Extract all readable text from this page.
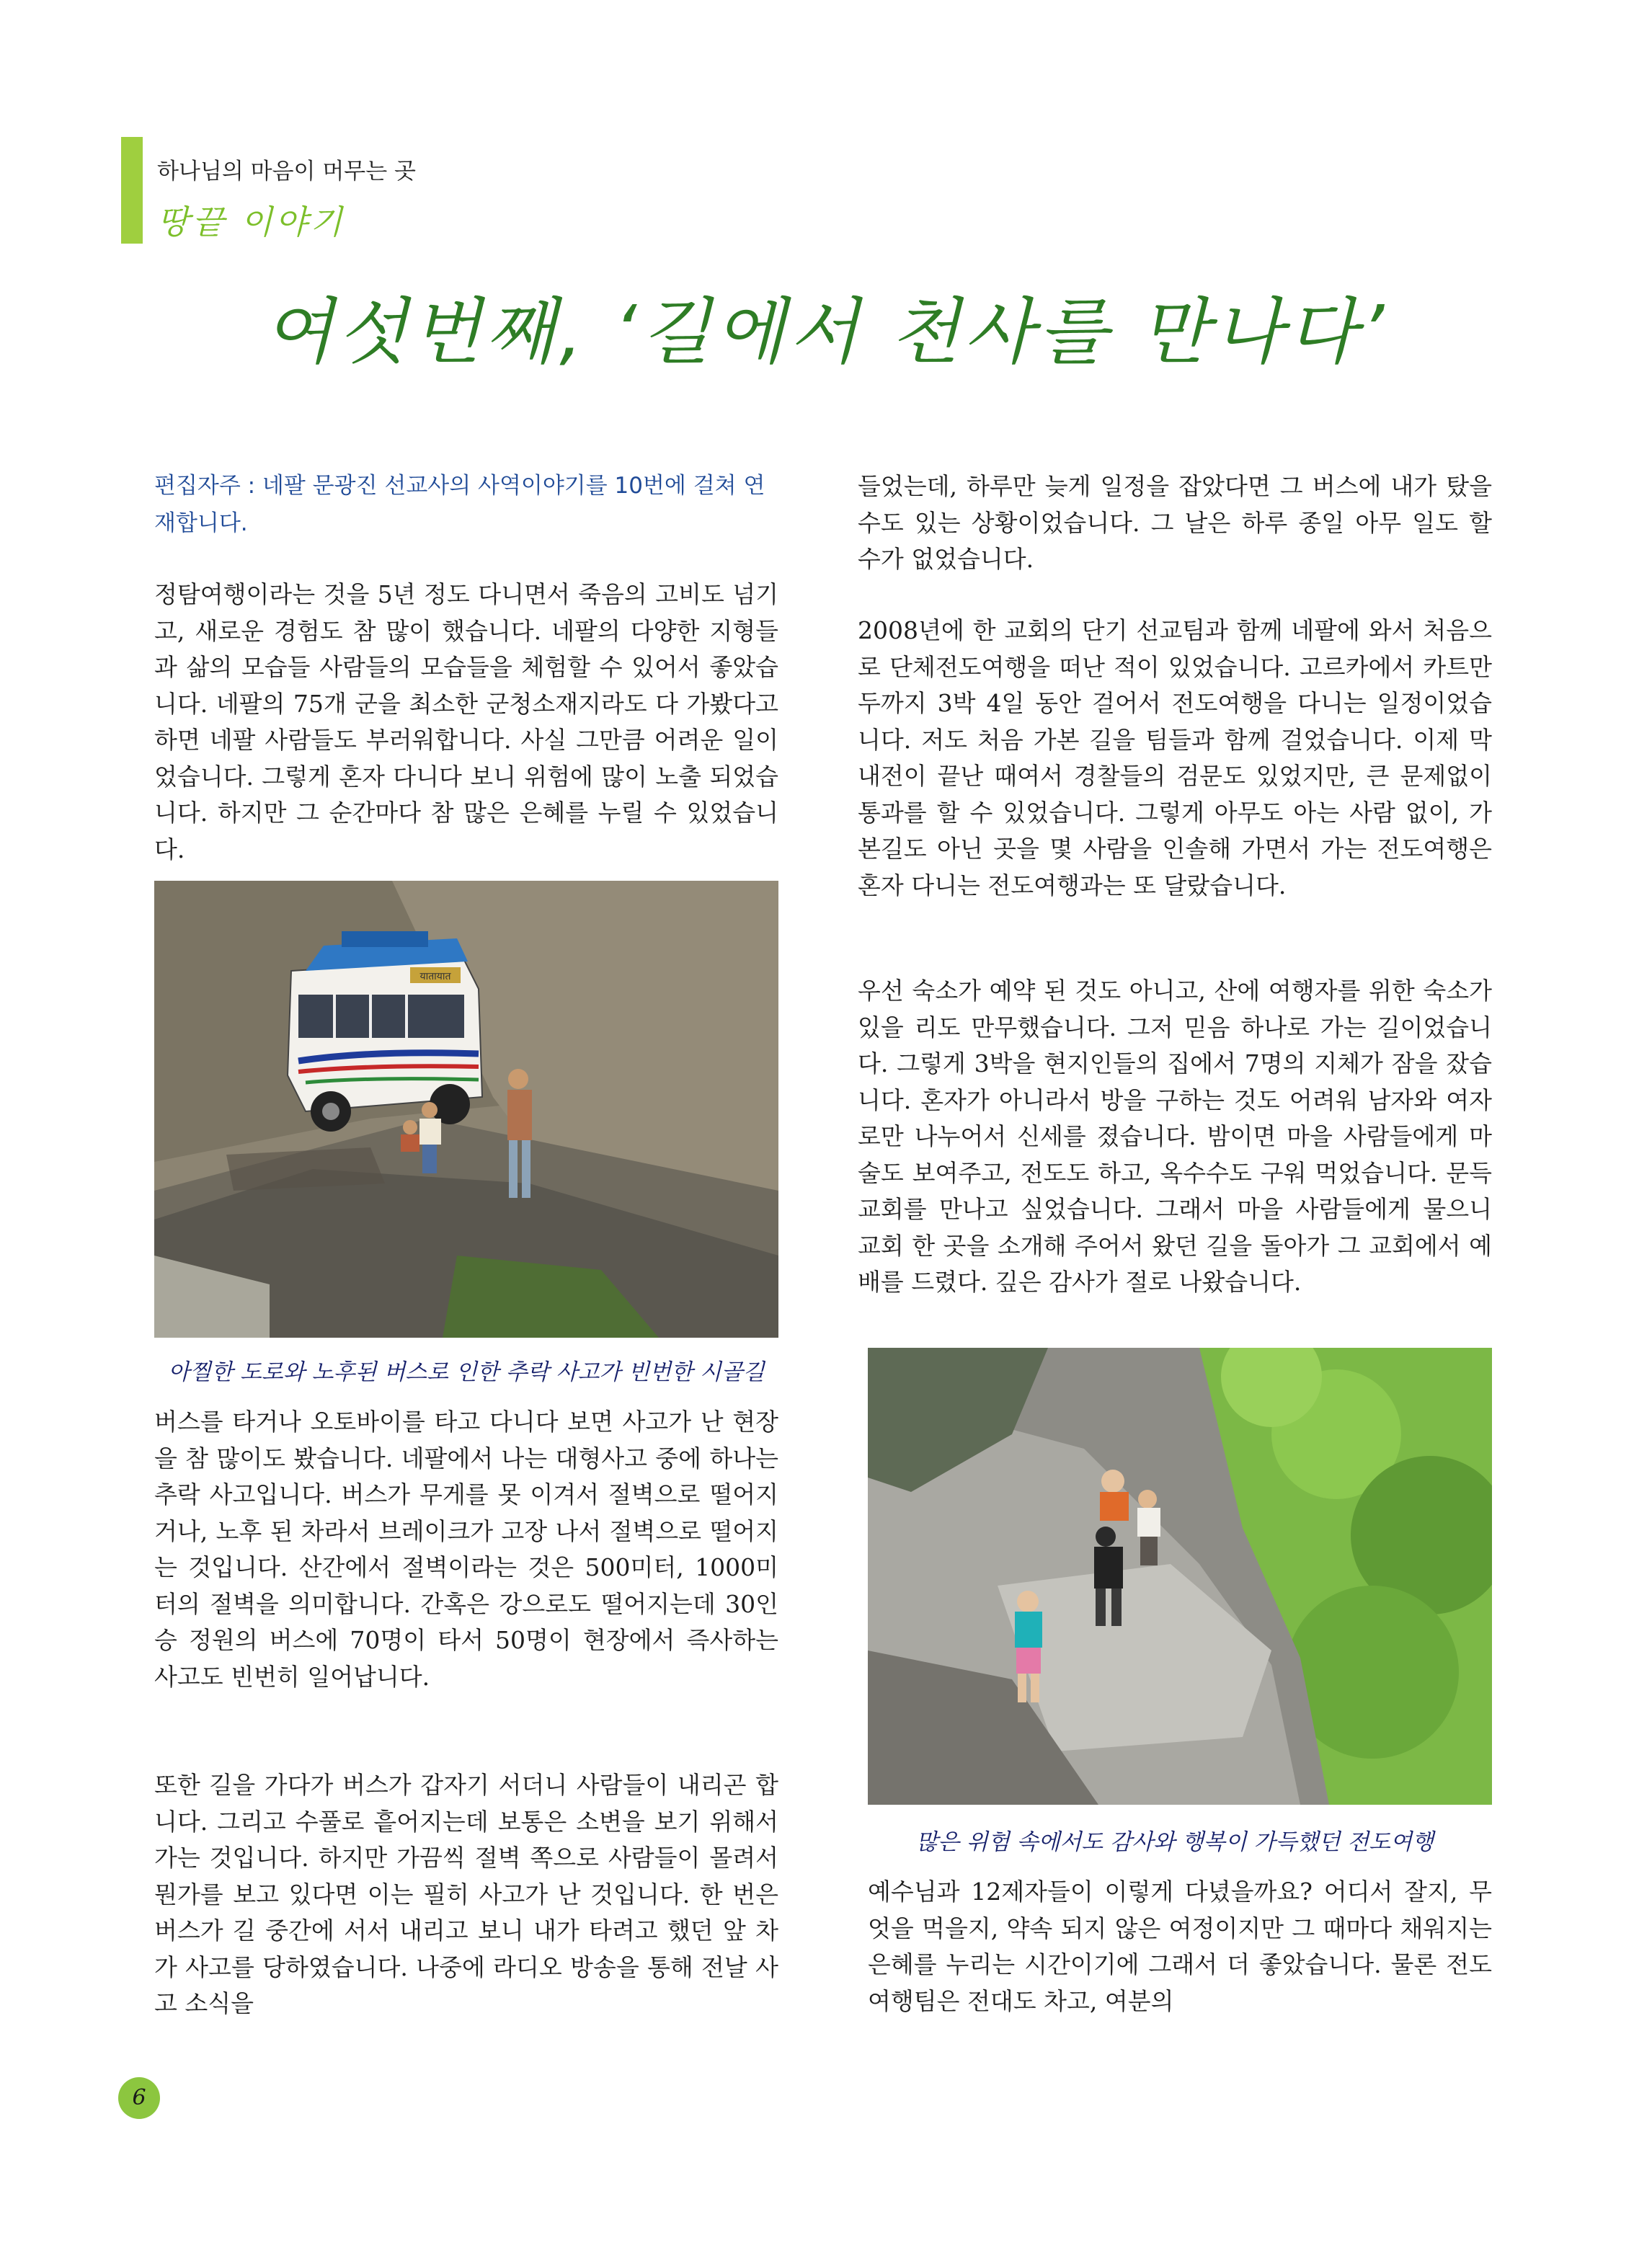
하나님의 마음이 머무는 곳
땅끝 이야기
여섯번째, ‘길에서 천사를 만나다’

편집자주 : 네팔 문광진 선교사의 사역이야기를 10번에 걸쳐 연재합니다.

정탐여행이라는 것을 5년 정도 다니면서 죽음의 고비도 넘기고, 새로운 경험도 참 많이 했습니다. 네팔의 다양한 지형들과 삶의 모습들 사람들의 모습들을 체험할 수 있어서 좋았습니다. 네팔의 75개 군을 최소한 군청소재지라도 다 가봤다고 하면 네팔 사람들도 부러워합니다. 사실 그만큼 어려운 일이었습니다. 그렇게 혼자 다니다 보니 위험에 많이 노출 되었습니다. 하지만 그 순간마다 참 많은 은혜를 누릴 수 있었습니다.

यातायात
아찔한 도로와 노후된 버스로 인한 추락 사고가 빈번한 시골길

버스를 타거나 오토바이를 타고 다니다 보면 사고가 난 현장을 참 많이도 봤습니다. 네팔에서 나는 대형사고 중에 하나는 추락 사고입니다. 버스가 무게를 못 이겨서 절벽으로 떨어지거나, 노후 된 차라서 브레이크가 고장 나서 절벽으로 떨어지는 것입니다. 산간에서 절벽이라는 것은 500미터, 1000미터의 절벽을 의미합니다. 간혹은 강으로도 떨어지는데 30인승 정원의 버스에 70명이 타서 50명이 현장에서 즉사하는 사고도 빈번히 일어납니다.

또한 길을 가다가 버스가 갑자기 서더니 사람들이 내리곤 합니다. 그리고 수풀로 흩어지는데 보통은 소변을 보기 위해서 가는 것입니다. 하지만 가끔씩 절벽 쪽으로 사람들이 몰려서 뭔가를 보고 있다면 이는 필히 사고가 난 것입니다. 한 번은 버스가 길 중간에 서서 내리고 보니 내가 타려고 했던 앞 차가 사고를 당하였습니다. 나중에 라디오 방송을 통해 전날 사고 소식을

들었는데, 하루만 늦게 일정을 잡았다면 그 버스에 내가 탔을 수도 있는 상황이었습니다. 그 날은 하루 종일 아무 일도 할 수가 없었습니다.

2008년에 한 교회의 단기 선교팀과 함께 네팔에 와서 처음으로 단체전도여행을 떠난 적이 있었습니다. 고르카에서 카트만두까지 3박 4일 동안 걸어서 전도여행을 다니는 일정이었습니다. 저도 처음 가본 길을 팀들과 함께 걸었습니다. 이제 막 내전이 끝난 때여서 경찰들의 검문도 있었지만, 큰 문제없이 통과를 할 수 있었습니다. 그렇게 아무도 아는 사람 없이, 가 본길도 아닌 곳을 몇 사람을 인솔해 가면서 가는 전도여행은 혼자 다니는 전도여행과는 또 달랐습니다.

우선 숙소가 예약 된 것도 아니고, 산에 여행자를 위한 숙소가 있을 리도 만무했습니다. 그저 믿음 하나로 가는 길이었습니다. 그렇게 3박을 현지인들의 집에서 7명의 지체가 잠을 잤습니다. 혼자가 아니라서 방을 구하는 것도 어려워 남자와 여자로만 나누어서 신세를 졌습니다. 밤이면 마을 사람들에게 마술도 보여주고, 전도도 하고, 옥수수도 구워 먹었습니다. 문득 교회를 만나고 싶었습니다. 그래서 마을 사람들에게 물으니 교회 한 곳을 소개해 주어서 왔던 길을 돌아가 그 교회에서 예배를 드렸다. 깊은 감사가 절로 나왔습니다.

많은 위험 속에서도 감사와 행복이 가득했던 전도여행

예수님과 12제자들이 이렇게 다녔을까요? 어디서 잘지, 무엇을 먹을지, 약속 되지 않은 여정이지만 그 때마다 채워지는 은혜를 누리는 시간이기에 그래서 더 좋았습니다. 물론 전도여행팀은 전대도 차고, 여분의

6
